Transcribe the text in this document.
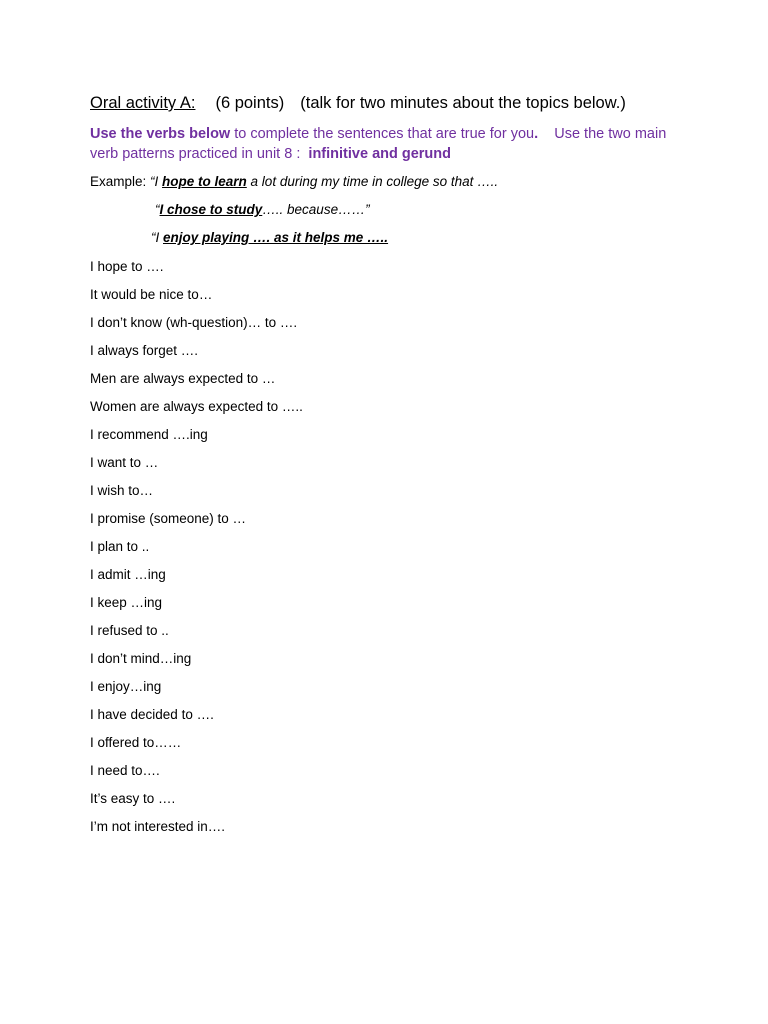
Oral activity A: (6 points) (talk for two minutes about the topics below.)
Use the verbs below to complete the sentences that are true for you.    Use the two main verb patterns practiced in unit 8 :  infinitive and gerund
Example: “I hope to learn a lot during my time in college so that …..
“I chose to study….. because……”
“I enjoy playing …. as it helps me …..
I hope to ….
It would be nice to…
I don’t know (wh-question)… to ….
I always forget ….
Men are always expected to …
Women are always expected to …..
I recommend ….ing
I want to …
I wish to…
I promise (someone) to …
I plan to ..
I admit …ing
I keep …ing
I refused to ..
I don’t mind…ing
I enjoy…ing
I have decided to ….
I offered to……
I need to….
It’s easy to ….
I’m not interested in….
